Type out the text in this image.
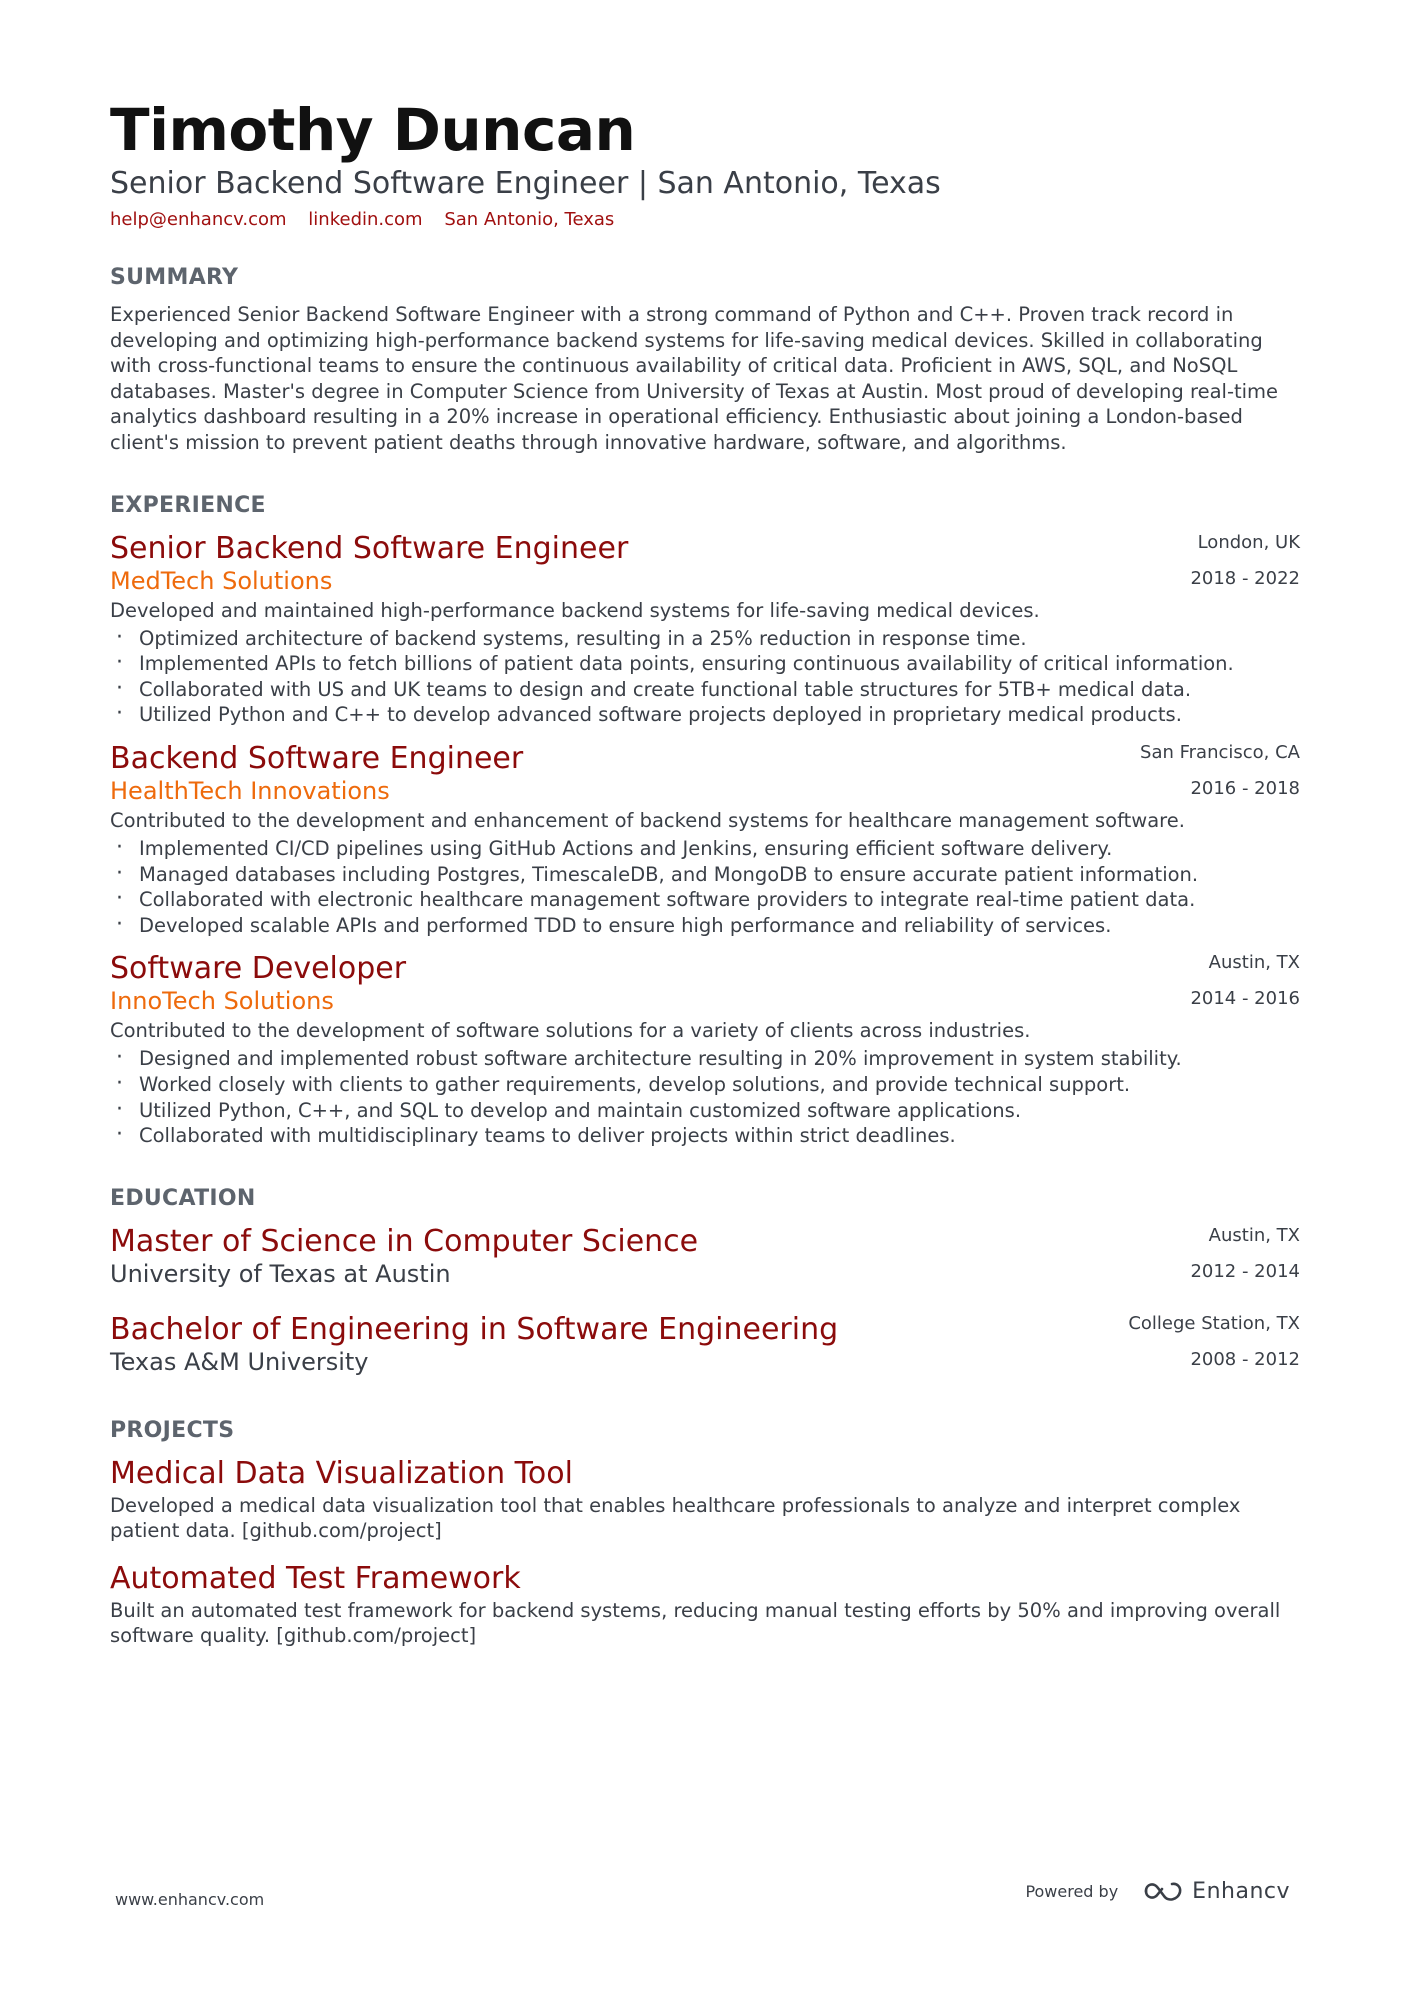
Timothy Duncan
Senior Backend Software Engineer | San Antonio, Texas
help@enhancv.com linkedin.com San Antonio, Texas
SUMMARY
Experienced Senior Backend Software Engineer with a strong command of Python and C++. Proven track record in
developing and optimizing high-performance backend systems for life-saving medical devices. Skilled in collaborating
with cross-functional teams to ensure the continuous availability of critical data. Proficient in AWS, SQL, and NoSQL
databases. Master's degree in Computer Science from University of Texas at Austin. Most proud of developing real-time
analytics dashboard resulting in a 20% increase in operational efficiency. Enthusiastic about joining a London-based
client's mission to prevent patient deaths through innovative hardware, software, and algorithms.
EXPERIENCE
Senior Backend Software Engineer
MedTech Solutions
London, UK
2018 - 2022
Developed and maintained high-performance backend systems for life-saving medical devices.
· Optimized architecture of backend systems, resulting in a 25% reduction in response time.
· Implemented APIs to fetch billions of patient data points, ensuring continuous availability of critical information.
· Collaborated with US and UK teams to design and create functional table structures for 5TB+ medical data.
· Utilized Python and C++ to develop advanced software projects deployed in proprietary medical products.
Backend Software Engineer
HealthTech Innovations
San Francisco, CA
2016 - 2018
Contributed to the development and enhancement of backend systems for healthcare management software.
· Implemented CI/CD pipelines using GitHub Actions and Jenkins, ensuring efficient software delivery.
· Managed databases including Postgres, TimescaleDB, and MongoDB to ensure accurate patient information.
· Collaborated with electronic healthcare management software providers to integrate real-time patient data.
· Developed scalable APIs and performed TDD to ensure high performance and reliability of services.
Software Developer
InnoTech Solutions
Austin, TX
2014 - 2016
Contributed to the development of software solutions for a variety of clients across industries.
· Designed and implemented robust software architecture resulting in 20% improvement in system stability.
· Worked closely with clients to gather requirements, develop solutions, and provide technical support.
· Utilized Python, C++, and SQL to develop and maintain customized software applications.
· Collaborated with multidisciplinary teams to deliver projects within strict deadlines.
EDUCATION
Master of Science in Computer Science
University of Texas at Austin
Austin, TX
2012 - 2014
Bachelor of Engineering in Software Engineering
Texas A&M University
College Station, TX
2008 - 2012
PROJECTS
Medical Data Visualization Tool
Developed a medical data visualization tool that enables healthcare professionals to analyze and interpret complex
patient data. [github.com/project]
Automated Test Framework
Built an automated test framework for backend systems, reducing manual testing efforts by 50% and improving overall
software quality. [github.com/project]
www.enhancv.com	Powered by	Enhancv
